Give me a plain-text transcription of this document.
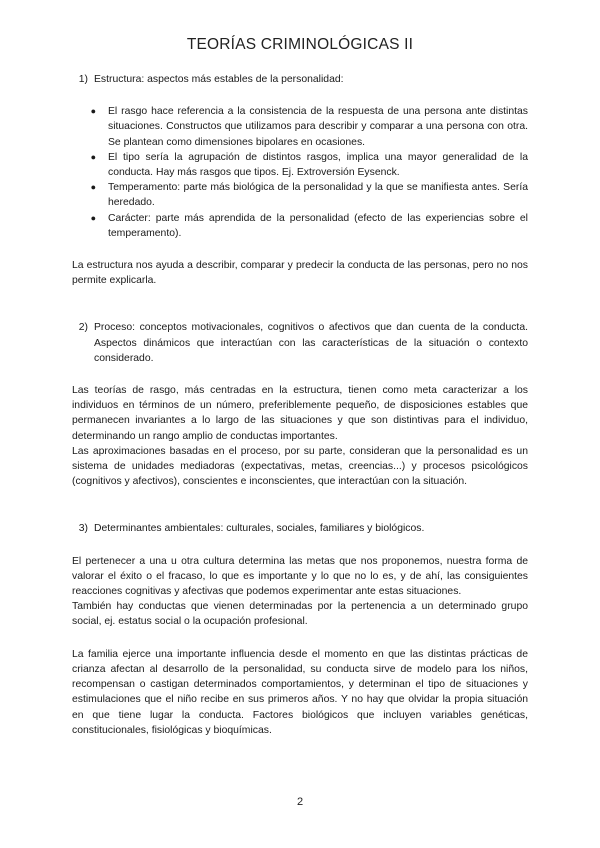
TEORÍAS CRIMINOLÓGICAS II
1) Estructura: aspectos más estables de la personalidad:
●	El rasgo hace referencia a la consistencia de la respuesta de una persona ante distintas situaciones. Constructos que utilizamos para describir y comparar a una persona con otra. Se plantean como dimensiones bipolares en ocasiones.
●	El tipo sería la agrupación de distintos rasgos, implica una mayor generalidad de la conducta. Hay más rasgos que tipos. Ej. Extroversión Eysenck.
●	Temperamento: parte más biológica de la personalidad y la que se manifiesta antes. Sería heredado.
●	Carácter: parte más aprendida de la personalidad (efecto de las experiencias sobre el temperamento).

La estructura nos ayuda a describir, comparar y predecir la conducta de las personas, pero no nos permite explicarla.

2) Proceso: conceptos motivacionales, cognitivos o afectivos que dan cuenta de la conducta. Aspectos dinámicos que interactúan con las características de la situación o contexto considerado.

Las teorías de rasgo, más centradas en la estructura, tienen como meta caracterizar a los individuos en términos de un número, preferiblemente pequeño, de disposiciones estables que permanecen invariantes a lo largo de las situaciones y que son distintivas para el individuo, determinando un rango amplio de conductas importantes.

Las aproximaciones basadas en el proceso, por su parte, consideran que la personalidad es un sistema de unidades mediadoras (expectativas, metas, creencias...) y procesos psicológicos (cognitivos y afectivos), conscientes e inconscientes, que interactúan con la situación.

3) Determinantes ambientales: culturales, sociales, familiares y biológicos.

El pertenecer a una u otra cultura determina las metas que nos proponemos, nuestra forma de valorar el éxito o el fracaso, lo que es importante y lo que no lo es, y de ahí, las consiguientes reacciones cognitivas y afectivas que podemos experimentar ante estas situaciones.

También hay conductas que vienen determinadas por la pertenencia a un determinado grupo social, ej. estatus social o la ocupación profesional.

La familia ejerce una importante influencia desde el momento en que las distintas prácticas de crianza afectan al desarrollo de la personalidad, su conducta sirve de modelo para los niños, recompensan o castigan determinados comportamientos, y determinan el tipo de situaciones y estimulaciones que el niño recibe en sus primeros años. Y no hay que olvidar la propia situación en que tiene lugar la conducta. Factores biológicos que incluyen variables genéticas, constitucionales, fisiológicas y bioquímicas.

2
